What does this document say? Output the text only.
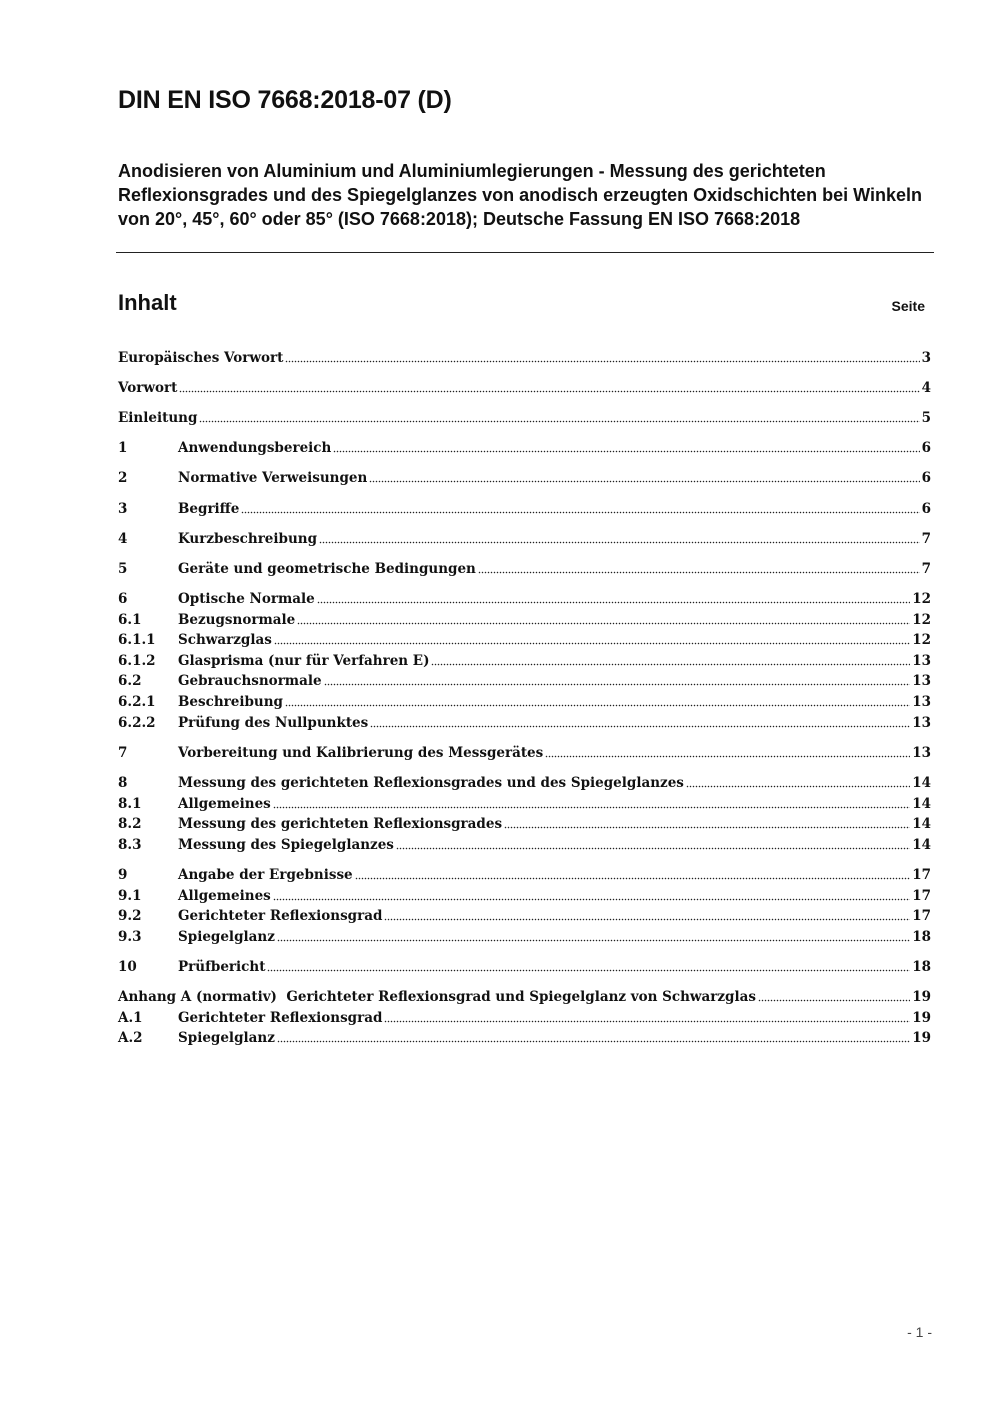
DIN EN ISO 7668:2018-07 (D)
Anodisieren von Aluminium und Aluminiumlegierungen - Messung des gerichteten Reflexionsgrades und des Spiegelglanzes von anodisch erzeugten Oxidschichten bei Winkeln von 20°, 45°, 60° oder 85° (ISO 7668:2018); Deutsche Fassung EN ISO 7668:2018
Inhalt	Seite
Europäisches Vorwort	3
Vorwort	4
Einleitung	5
1	Anwendungsbereich	6
2	Normative Verweisungen	6
3	Begriffe	6
4	Kurzbeschreibung	7
5	Geräte und geometrische Bedingungen	7
6	Optische Normale	12
6.1	Bezugsnormale	12
6.1.1	Schwarzglas	12
6.1.2	Glasprisma (nur für Verfahren E)	13
6.2	Gebrauchsnormale	13
6.2.1	Beschreibung	13
6.2.2	Prüfung des Nullpunktes	13
7	Vorbereitung und Kalibrierung des Messgerätes	13
8	Messung des gerichteten Reflexionsgrades und des Spiegelglanzes	14
8.1	Allgemeines	14
8.2	Messung des gerichteten Reflexionsgrades	14
8.3	Messung des Spiegelglanzes	14
9	Angabe der Ergebnisse	17
9.1	Allgemeines	17
9.2	Gerichteter Reflexionsgrad	17
9.3	Spiegelglanz	18
10	Prüfbericht	18
Anhang A (normativ)  Gerichteter Reflexionsgrad und Spiegelglanz von Schwarzglas	19
A.1	Gerichteter Reflexionsgrad	19
A.2	Spiegelglanz	19
- 1 -
